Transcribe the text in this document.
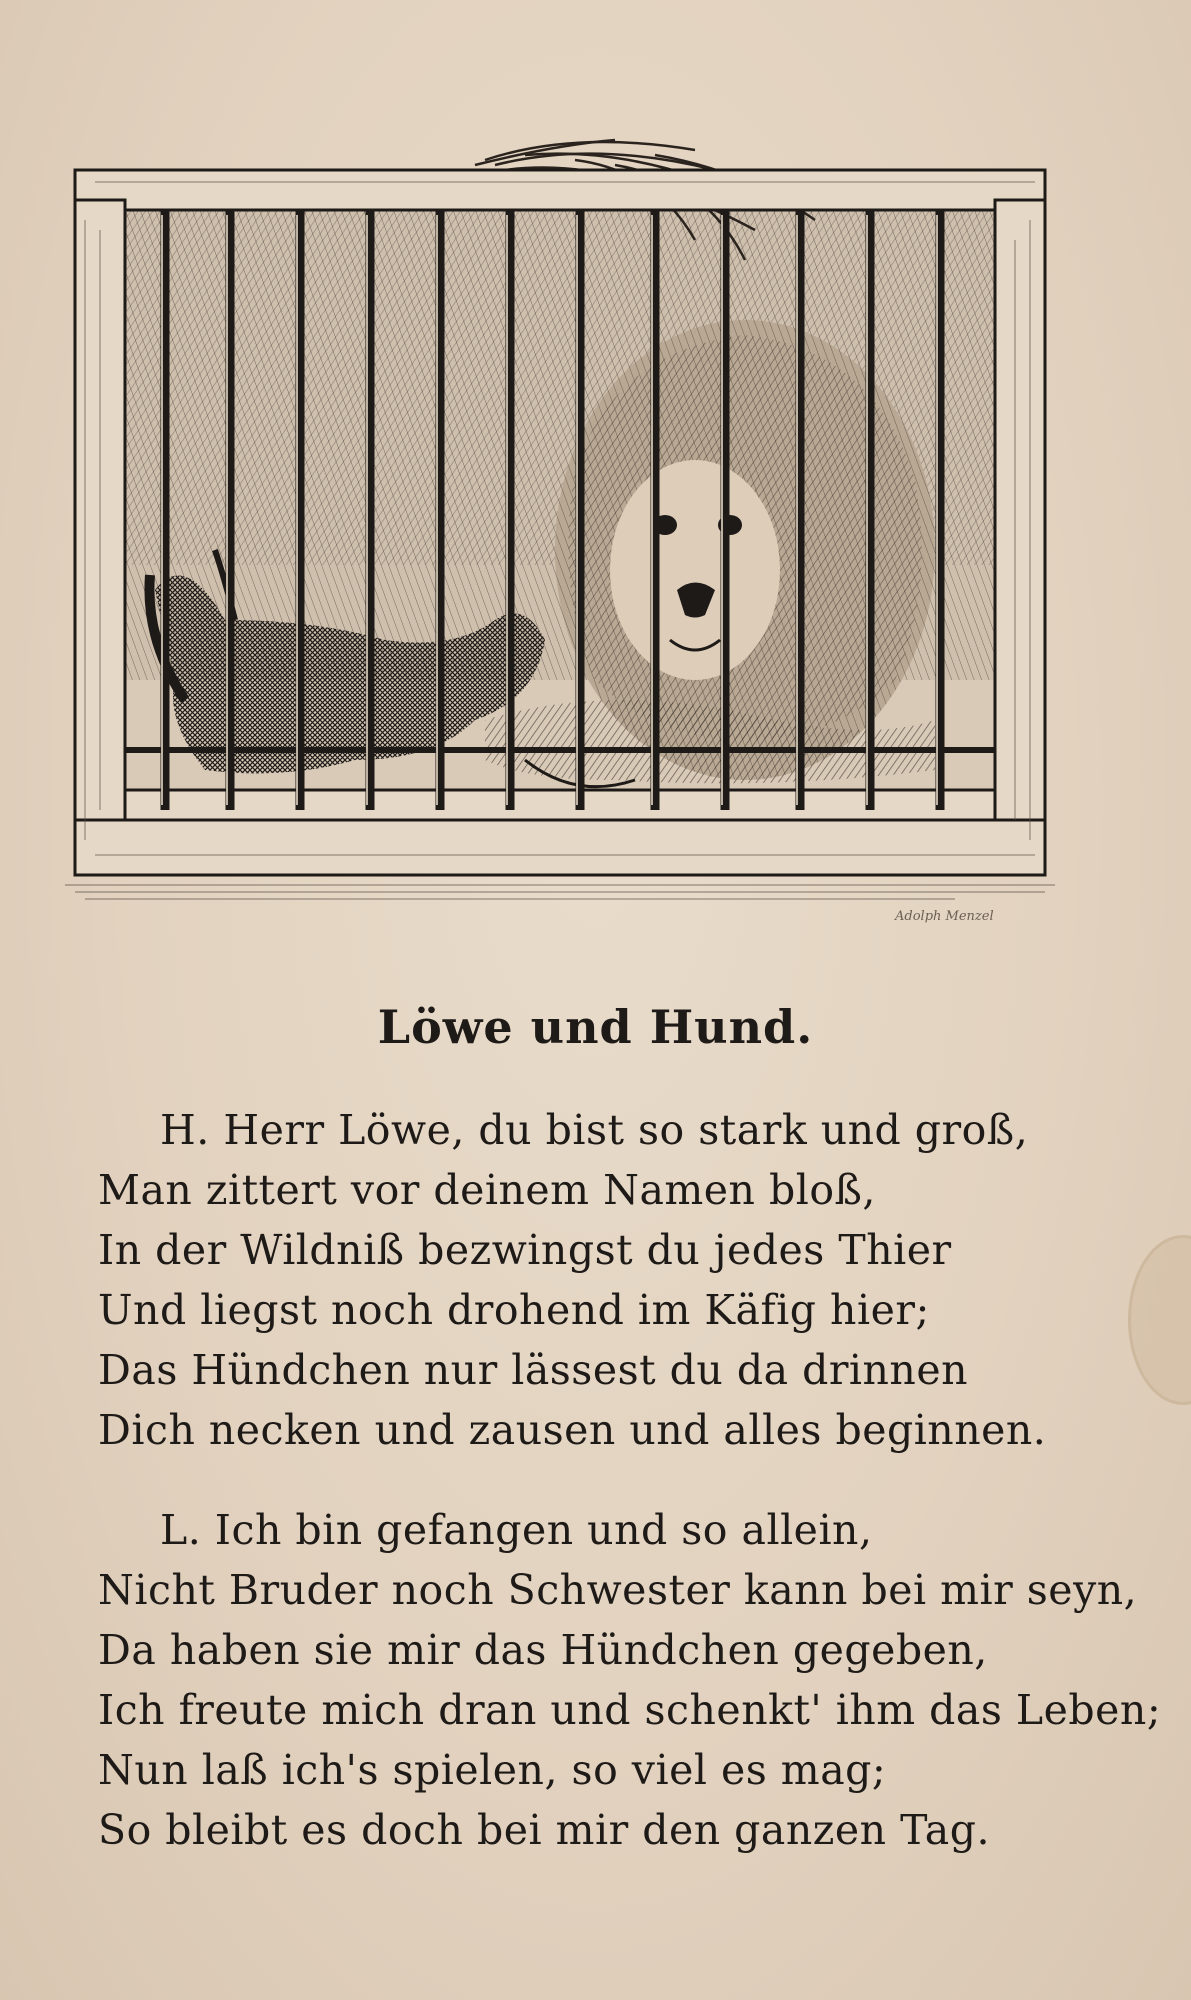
Adolph Menzel
Löwe und Hund.
H. Herr Löwe, du bist so stark und groß,
Man zittert vor deinem Namen bloß,
In der Wildniß bezwingst du jedes Thier
Und liegst noch drohend im Käfig hier;
Das Hündchen nur lässest du da drinnen
Dich necken und zausen und alles beginnen.
L. Ich bin gefangen und so allein,
Nicht Bruder noch Schwester kann bei mir seyn,
Da haben sie mir das Hündchen gegeben,
Ich freute mich dran und schenkt' ihm das Leben;
Nun laß ich's spielen, so viel es mag;
So bleibt es doch bei mir den ganzen Tag.
